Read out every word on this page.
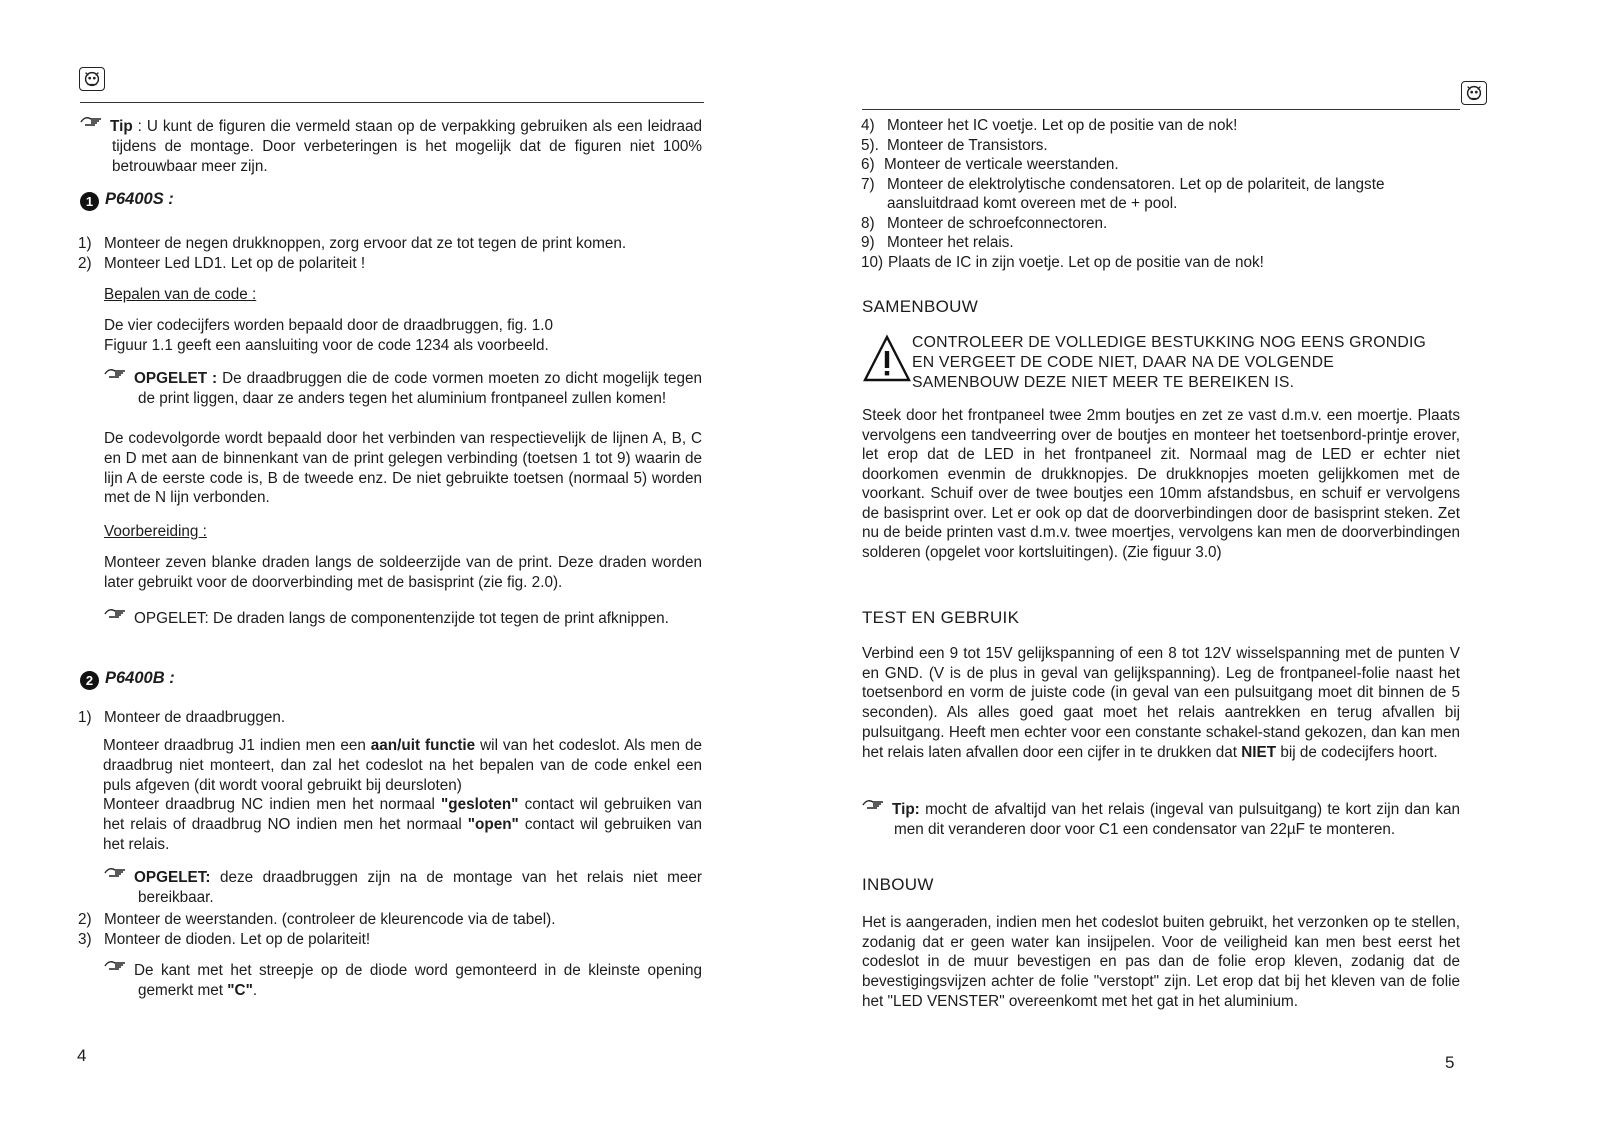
Tip : U kunt de figuren die vermeld staan op de verpakking gebruiken als een leidraad tijdens de montage. Door verbeteringen is het mogelijk dat de figuren niet 100% betrouwbaar meer zijn.

1 P6400S :
1) Monteer de negen drukknoppen, zorg ervoor dat ze tot tegen de print komen.
2) Monteer Led LD1. Let op de polariteit !
Bepalen van de code :
De vier codecijfers worden bepaald door de draadbruggen, fig. 1.0
Figuur 1.1 geeft een aansluiting voor de code 1234 als voorbeeld.

OPGELET : De draadbruggen die de code vormen moeten zo dicht mogelijk tegen de print liggen, daar ze anders tegen het aluminium frontpaneel zullen komen!

De codevolgorde wordt bepaald door het verbinden van respectievelijk de lijnen A, B, C en D met aan de binnenkant van de print gelegen verbinding (toetsen 1 tot 9) waarin de lijn A de eerste code is, B de tweede enz. De niet gebruikte toetsen (normaal 5) worden met de N lijn verbonden.

Voorbereiding :

Monteer zeven blanke draden langs de soldeerzijde van de print. Deze draden worden later gebruikt voor de doorverbinding met de basisprint (zie fig. 2.0).

OPGELET: De draden langs de componentenzijde tot tegen de print afknippen.

2 P6400B :
1) Monteer de draadbruggen.

Monteer draadbrug J1 indien men een aan/uit functie wil van het codeslot. Als men de draadbrug niet monteert, dan zal het codeslot na het bepalen van de code enkel een puls afgeven (dit wordt vooral gebruikt bij deursloten)

Monteer draadbrug NC indien men het normaal "gesloten" contact wil gebruiken van het relais of draadbrug NO indien men het normaal "open" contact wil gebruiken van het relais.

OPGELET: deze draadbruggen zijn na de montage van het relais niet meer bereikbaar.

2) Monteer de weerstanden. (controleer de kleurencode via de tabel).
3) Monteer de dioden. Let op de polariteit!

De kant met het streepje op de diode word gemonteerd in de kleinste opening gemerkt met "C".

4
4) Monteer het IC voetje. Let op de positie van de nok!
5). Monteer de Transistors.
6) Monteer de verticale weerstanden.
7) Monteer de elektrolytische condensatoren. Let op de polariteit, de langste aansluitdraad komt overeen met de + pool.
8) Monteer de schroefconnectoren.
9) Monteer het relais.
10) Plaats de IC in zijn voetje. Let op de positie van de nok!
SAMENBOUW
CONTROLEER DE VOLLEDIGE BESTUKKING NOG EENS GRONDIG
EN VERGEET DE CODE NIET, DAAR NA DE VOLGENDE
SAMENBOUW DEZE NIET MEER TE BEREIKEN IS.

Steek door het frontpaneel twee 2mm boutjes en zet ze vast d.m.v. een moertje. Plaats vervolgens een tandveerring over de boutjes en monteer het toetsenbord-printje erover, let erop dat de LED in het frontpaneel zit. Normaal mag de LED er echter niet doorkomen evenmin de drukknopjes. De drukknopjes moeten gelijkkomen met de voorkant. Schuif over de twee boutjes een 10mm afstandsbus, en schuif er vervolgens de basisprint over. Let er ook op dat de doorverbindingen door de basisprint steken. Zet nu de beide printen vast d.m.v. twee moertjes, vervolgens kan men de doorverbindingen solderen (opgelet voor kortsluitingen). (Zie figuur 3.0)

TEST EN GEBRUIK

Verbind een 9 tot 15V gelijkspanning of een 8 tot 12V wisselspanning met de punten V en GND. (V is de plus in geval van gelijkspanning). Leg de frontpaneel-folie naast het toetsenbord en vorm de juiste code (in geval van een pulsuitgang moet dit binnen de 5 seconden). Als alles goed gaat moet het relais aantrekken en terug afvallen bij pulsuitgang. Heeft men echter voor een constante schakel-stand gekozen, dan kan men het relais laten afvallen door een cijfer in te drukken dat NIET bij de codecijfers hoort.

Tip: mocht de afvaltijd van het relais (ingeval van pulsuitgang) te kort zijn dan kan men dit veranderen door voor C1 een condensator van 22µF te monteren.

INBOUW

Het is aangeraden, indien men het codeslot buiten gebruikt, het verzonken op te stellen, zodanig dat er geen water kan insijpelen. Voor de veiligheid kan men best eerst het codeslot in de muur bevestigen en pas dan de folie erop kleven, zodanig dat de bevestigingsvijzen achter de folie "verstopt" zijn. Let erop dat bij het kleven van de folie het "LED VENSTER" overeenkomt met het gat in het aluminium.

5
